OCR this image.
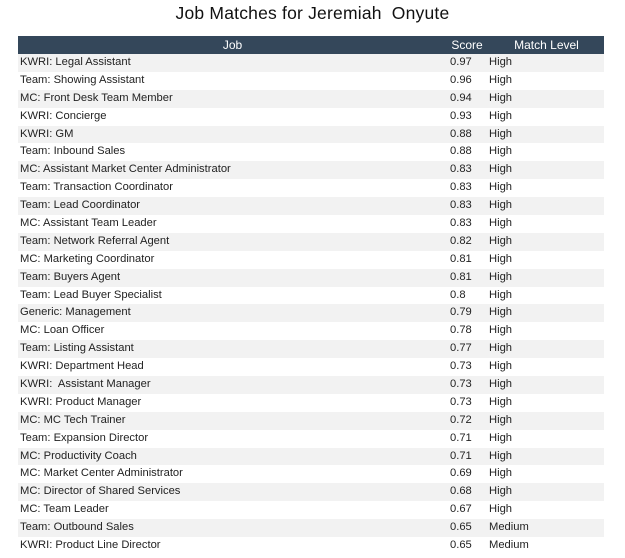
Job Matches for Jeremiah  Onyute
Job	Score	Match Level
KWRI: Legal Assistant	0.97	High
Team: Showing Assistant	0.96	High
MC: Front Desk Team Member	0.94	High
KWRI: Concierge	0.93	High
KWRI: GM	0.88	High
Team: Inbound Sales	0.88	High
MC: Assistant Market Center Administrator	0.83	High
Team: Transaction Coordinator	0.83	High
Team: Lead Coordinator	0.83	High
MC: Assistant Team Leader	0.83	High
Team: Network Referral Agent	0.82	High
MC: Marketing Coordinator	0.81	High
Team: Buyers Agent	0.81	High
Team: Lead Buyer Specialist	0.8	High
Generic: Management	0.79	High
MC: Loan Officer	0.78	High
Team: Listing Assistant	0.77	High
KWRI: Department Head	0.73	High
KWRI:  Assistant Manager	0.73	High
KWRI: Product Manager	0.73	High
MC: MC Tech Trainer	0.72	High
Team: Expansion Director	0.71	High
MC: Productivity Coach	0.71	High
MC: Market Center Administrator	0.69	High
MC: Director of Shared Services	0.68	High
MC: Team Leader	0.67	High
Team: Outbound Sales	0.65	Medium
KWRI: Product Line Director	0.65	Medium
